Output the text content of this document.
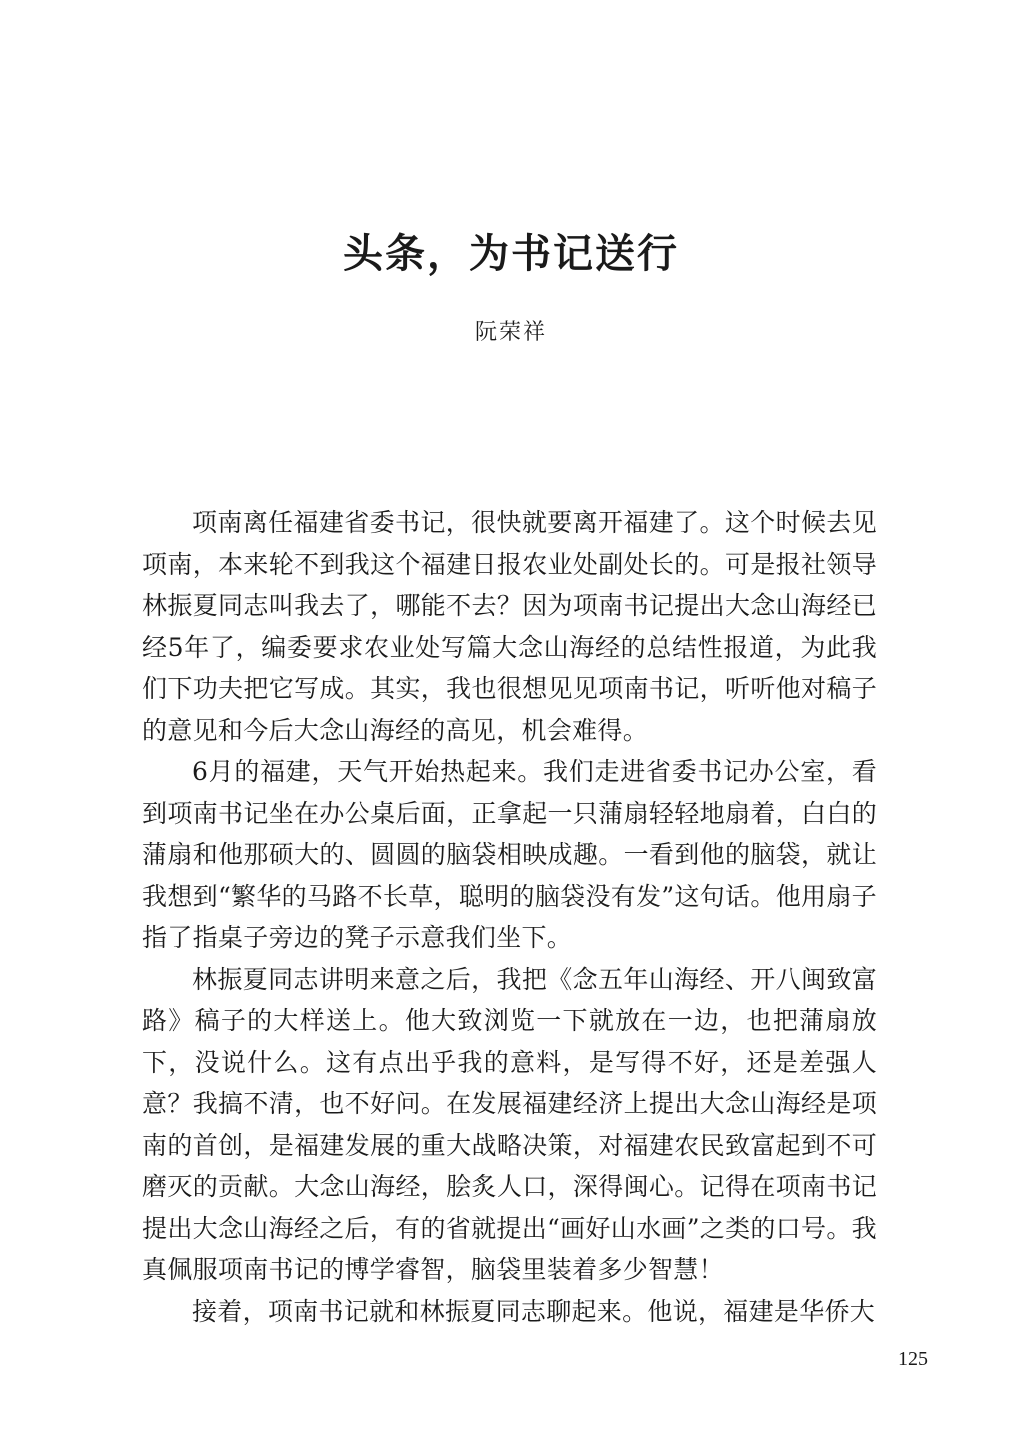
头条，为书记送行
阮荣祥

项南离任福建省委书记，很快就要离开福建了。这个时候去见项南，本来轮不到我这个福建日报农业处副处长的。可是报社领导林振夏同志叫我去了，哪能不去？因为项南书记提出大念山海经已经5年了，编委要求农业处写篇大念山海经的总结性报道，为此我们下功夫把它写成。其实，我也很想见见项南书记，听听他对稿子的意见和今后大念山海经的高见，机会难得。

6月的福建，天气开始热起来。我们走进省委书记办公室，看到项南书记坐在办公桌后面，正拿起一只蒲扇轻轻地扇着，白白的蒲扇和他那硕大的、圆圆的脑袋相映成趣。一看到他的脑袋，就让我想到“繁华的马路不长草，聪明的脑袋没有发”这句话。他用扇子指了指桌子旁边的凳子示意我们坐下。

林振夏同志讲明来意之后，我把《念五年山海经、开八闽致富路》稿子的大样送上。他大致浏览一下就放在一边，也把蒲扇放下，没说什么。这有点出乎我的意料，是写得不好，还是差强人意？我搞不清，也不好问。在发展福建经济上提出大念山海经是项南的首创，是福建发展的重大战略决策，对福建农民致富起到不可磨灭的贡献。大念山海经，脍炙人口，深得闽心。记得在项南书记提出大念山海经之后，有的省就提出“画好山水画”之类的口号。我真佩服项南书记的博学睿智，脑袋里装着多少智慧！

接着，项南书记就和林振夏同志聊起来。他说，福建是华侨大

125
